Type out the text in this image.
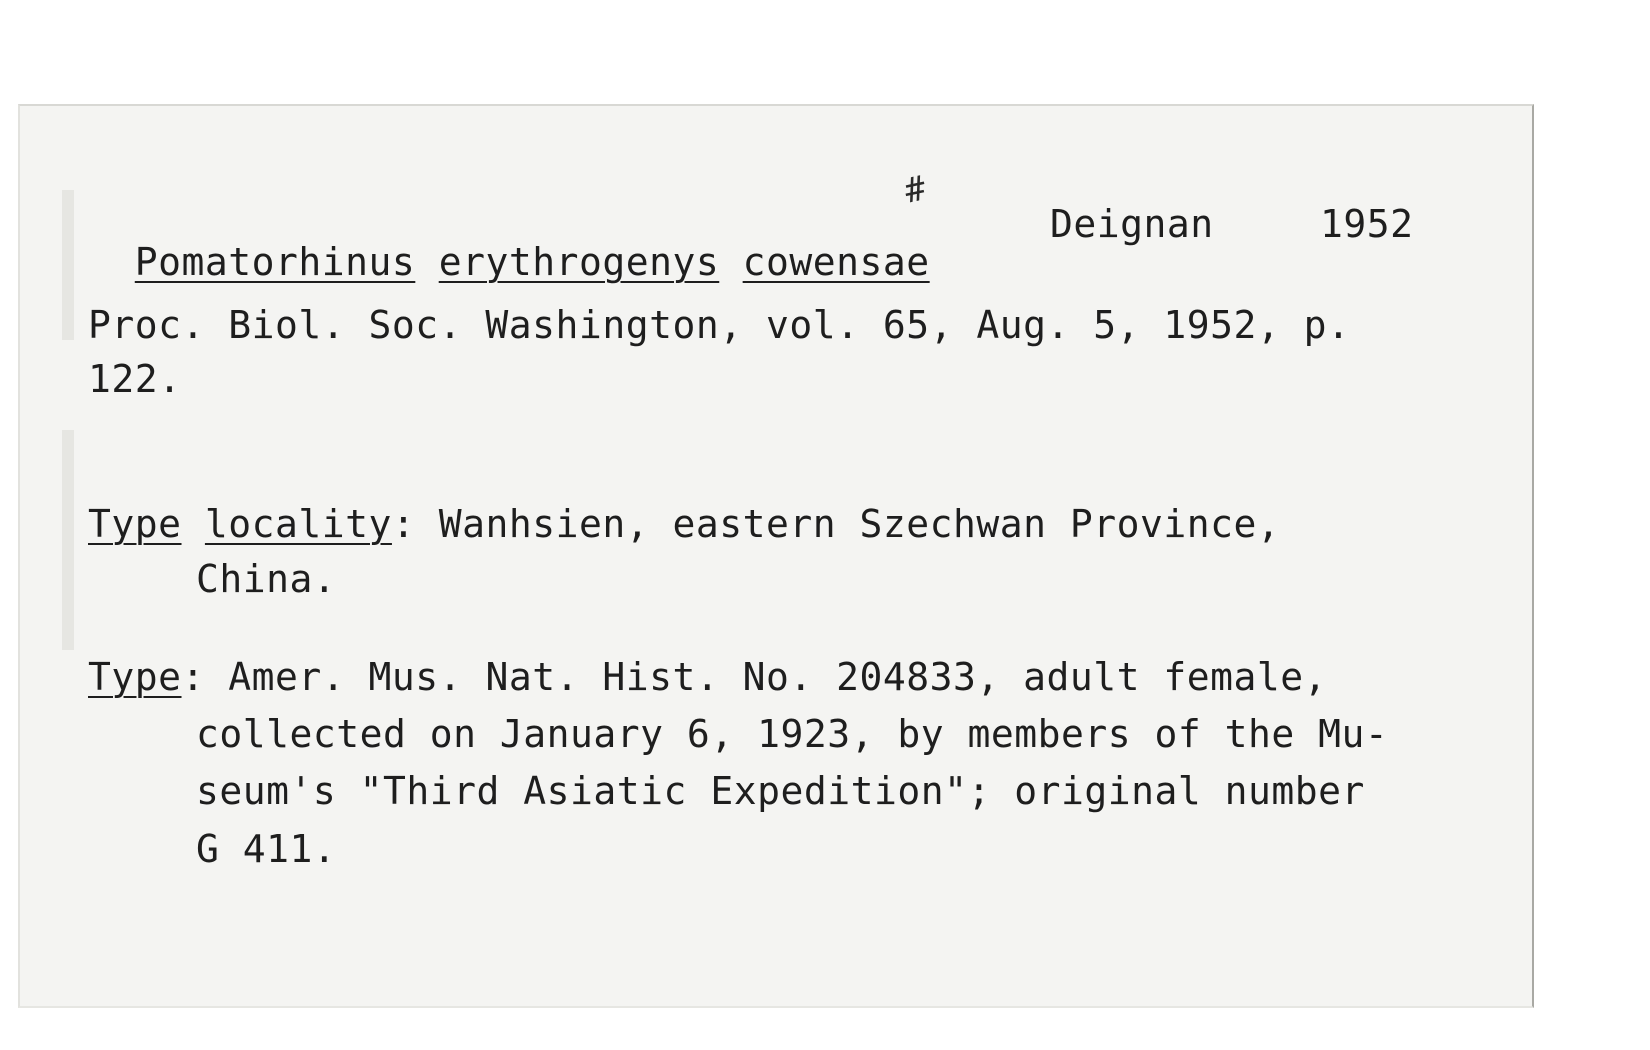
#

Pomatorhinus erythrogenys cowensae

Deignan	1952
Proc. Biol. Soc. Washington, vol. 65, Aug. 5, 1952, p.
122.
Type locality: Wanhsien, eastern Szechwan Province,
China.
Type: Amer. Mus. Nat. Hist. No. 204833, adult female,
collected on January 6, 1923, by members of the Mu-
seum's "Third Asiatic Expedition"; original number
G 411.
